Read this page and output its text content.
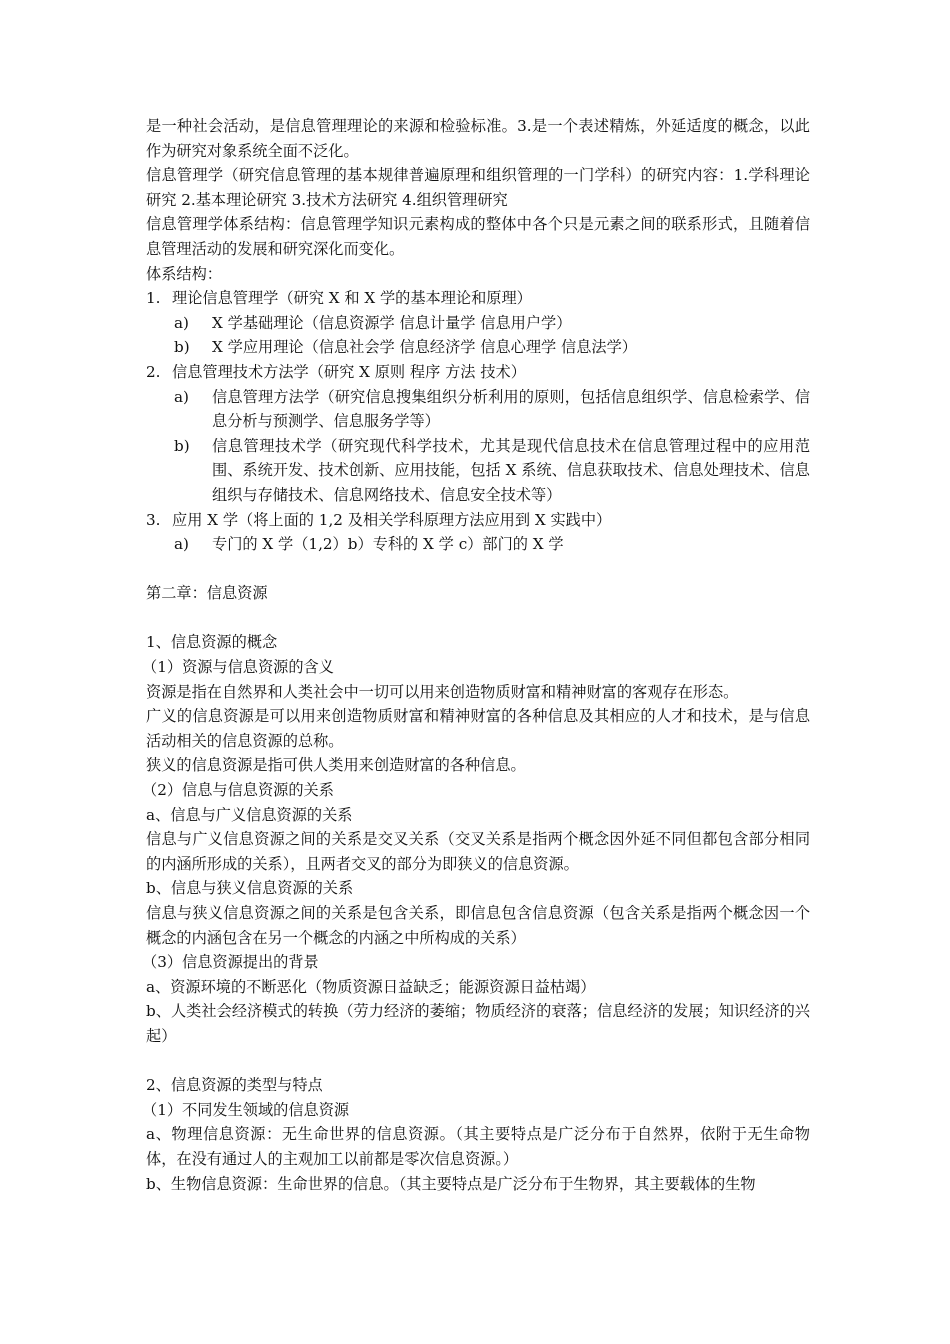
是一种社会活动，是信息管理理论的来源和检验标准。3.是一个表述精炼，外延适度的概念，以此作为研究对象系统全面不泛化。

信息管理学（研究信息管理的基本规律普遍原理和组织管理的一门学科）的研究内容：1.学科理论研究 2.基本理论研究 3.技术方法研究 4.组织管理研究

信息管理学体系结构：信息管理学知识元素构成的整体中各个只是元素之间的联系形式，且随着信息管理活动的发展和研究深化而变化。

体系结构：

1. 理论信息管理学（研究 X 和 X 学的基本理论和原理）
a)	X 学基础理论（信息资源学 信息计量学 信息用户学）
b)	X 学应用理论（信息社会学 信息经济学 信息心理学 信息法学）
2. 信息管理技术方法学（研究 X 原则 程序 方法 技术）
a)	信息管理方法学（研究信息搜集组织分析利用的原则，包括信息组织学、信息检索学、信息分析与预测学、信息服务学等）
b)	信息管理技术学（研究现代科学技术，尤其是现代信息技术在信息管理过程中的应用范围、系统开发、技术创新、应用技能，包括 X 系统、信息获取技术、信息处理技术、信息组织与存储技术、信息网络技术、信息安全技术等）
3. 应用 X 学（将上面的 1,2 及相关学科原理方法应用到 X 实践中）
a)	专门的 X 学（1,2）b）专科的 X 学 c）部门的 X 学

第二章：信息资源

1、信息资源的概念

（1）资源与信息资源的含义

资源是指在自然界和人类社会中一切可以用来创造物质财富和精神财富的客观存在形态。

广义的信息资源是可以用来创造物质财富和精神财富的各种信息及其相应的人才和技术，是与信息活动相关的信息资源的总称。

狭义的信息资源是指可供人类用来创造财富的各种信息。

（2）信息与信息资源的关系

a、信息与广义信息资源的关系

信息与广义信息资源之间的关系是交叉关系（交叉关系是指两个概念因外延不同但都包含部分相同的内涵所形成的关系），且两者交叉的部分为即狭义的信息资源。

b、信息与狭义信息资源的关系

信息与狭义信息资源之间的关系是包含关系，即信息包含信息资源（包含关系是指两个概念因一个概念的内涵包含在另一个概念的内涵之中所构成的关系）

（3）信息资源提出的背景

a、资源环境的不断恶化（物质资源日益缺乏；能源资源日益枯竭）

b、人类社会经济模式的转换（劳力经济的萎缩；物质经济的衰落；信息经济的发展；知识经济的兴起）

2、信息资源的类型与特点

（1）不同发生领域的信息资源

a、物理信息资源：无生命世界的信息资源。（其主要特点是广泛分布于自然界，依附于无生命物体，在没有通过人的主观加工以前都是零次信息资源。）

b、生物信息资源：生命世界的信息。（其主要特点是广泛分布于生物界，其主要载体的生物
